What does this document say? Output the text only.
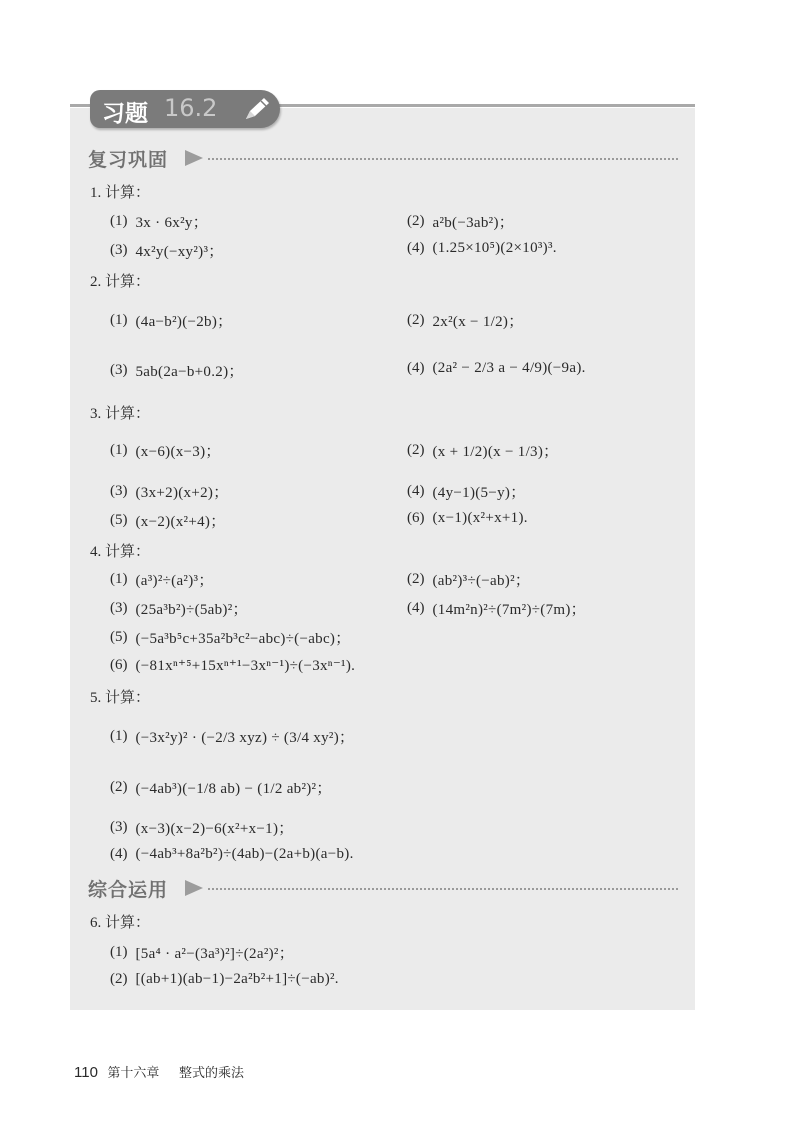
习题 16.2
复习巩固
1. 计算：
(1) 3x · 6x²y；	(2) a²b(−3ab²)；
(3) 4x²y(−xy²)³；	(4) (1.25×10⁵)(2×10³)³.
2. 计算：
(1) (4a−b²)(−2b)；	(2) 2x²(x − 1/2)；
(3) 5ab(2a−b+0.2)；	(4) (2a² − 2/3 a − 4/9)(−9a).
3. 计算：
(1) (x−6)(x−3)；	(2) (x + 1/2)(x − 1/3)；
(3) (3x+2)(x+2)；	(4) (4y−1)(5−y)；
(5) (x−2)(x²+4)；	(6) (x−1)(x²+x+1).
4. 计算：
(1) (a³)²÷(a²)³；	(2) (ab²)³÷(−ab)²；
(3) (25a³b²)÷(5ab)²；	(4) (14m²n)²÷(7m²)÷(7m)；
(5) (−5a³b⁵c+35a²b³c²−abc)÷(−abc)；
(6) (−81xⁿ⁺⁵+15xⁿ⁺¹−3xⁿ⁻¹)÷(−3xⁿ⁻¹).
5. 计算：
(1) (−3x²y)² · (−2/3 xyz) ÷ (3/4 xy²)；
(2) (−4ab³)(−1/8 ab) − (1/2 ab²)²；
(3) (x−3)(x−2)−6(x²+x−1)；
(4) (−4ab³+8a²b²)÷(4ab)−(2a+b)(a−b).
综合运用
6. 计算：
(1) [5a⁴ · a²−(3a³)²]÷(2a²)²；
(2) [(ab+1)(ab−1)−2a²b²+1]÷(−ab)².
110 第十六章 整式的乘法
